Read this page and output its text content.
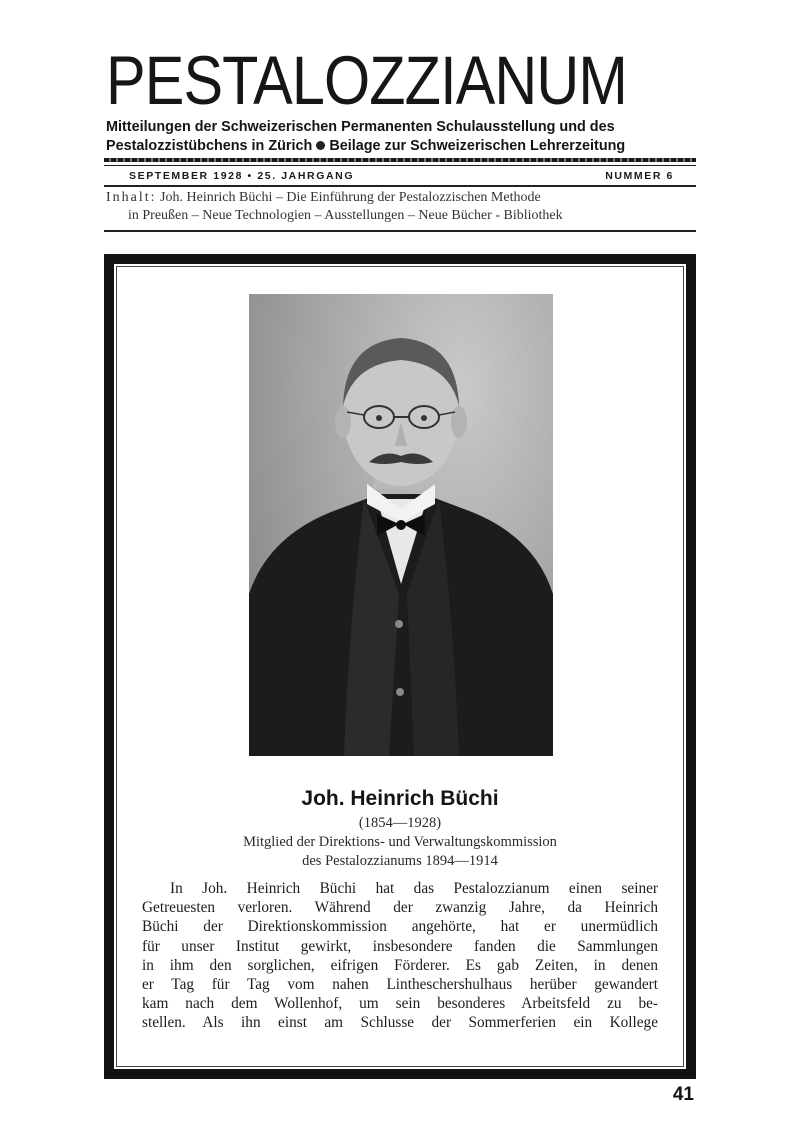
PESTALOZZIANUM
Mitteilungen der Schweizerischen Permanenten Schulausstellung und des
Pestalozzistübchens in Zürich Beilage zur Schweizerischen Lehrerzeitung
SEPTEMBER 1928 • 25. JAHRGANG	NUMMER 6
Inhalt: Joh. Heinrich Büchi – Die Einführung der Pestalozzischen Methode
in Preußen – Neue Technologien – Ausstellungen – Neue Bücher - Bibliothek
Joh. Heinrich Büchi
(1854—1928)
Mitglied der Direktions- und Verwaltungskommission
des Pestalozzianums 1894—1914
In Joh. Heinrich Büchi hat das Pestalozzianum einen seiner
Getreuesten verloren. Während der zwanzig Jahre, da Heinrich
Büchi der Direktionskommission angehörte, hat er unermüdlich
für unser Institut gewirkt, insbesondere fanden die Sammlungen
in ihm den sorglichen, eifrigen Förderer. Es gab Zeiten, in denen
er Tag für Tag vom nahen Lintheschershulhaus herüber gewandert
kam nach dem Wollenhof, um sein besonderes Arbeitsfeld zu be-
stellen. Als ihn einst am Schlusse der Sommerferien ein Kollege
41
